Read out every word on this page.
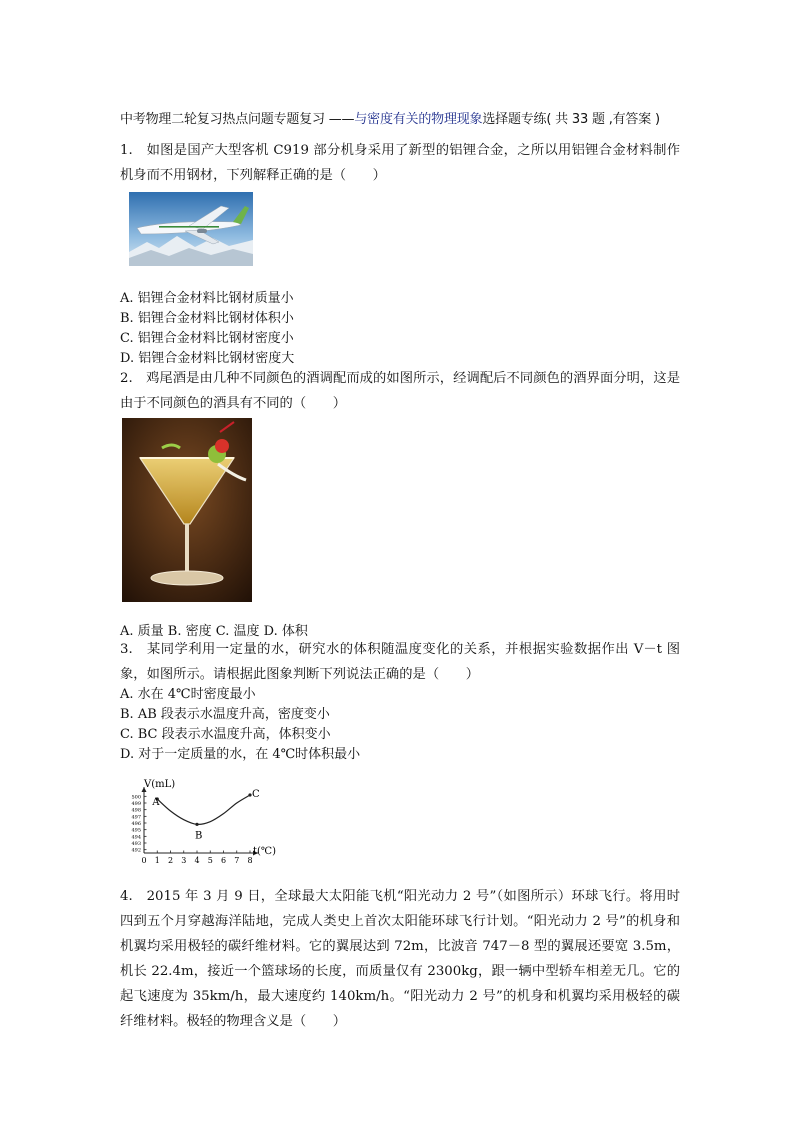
中考物理二轮复习热点问题专题复习 ——与密度有关的物理现象选择题专练( 共 33 题 ,有答案 )
1.　如图是国产大型客机 C919 部分机身采用了新型的铝锂合金，之所以用铝锂合金材料制作机身而不用钢材，下列解释正确的是（　　）
A. 铝锂合金材料比钢材质量小
B. 铝锂合金材料比钢材体积小
C. 铝锂合金材料比钢材密度小
D. 铝锂合金材料比钢材密度大
2.　鸡尾酒是由几种不同颜色的酒调配而成的如图所示，经调配后不同颜色的酒界面分明，这是由于不同颜色的酒具有不同的（　　）
A. 质量 B. 密度 C. 温度 D. 体积
3.　某同学利用一定量的水，研究水的体积随温度变化的关系，并根据实验数据作出 V－t 图象，如图所示。请根据此图象判断下列说法正确的是（　　）
A. 水在 4℃时密度最小
B. AB 段表示水温度升高，密度变小
C. BC 段表示水温度升高，体积变小
D. 对于一定质量的水，在 4℃时体积最小
0 1 2 3 4 5 6 7 8
500
499
498
497
496
495
494
493
492
A
B
C
V(mL)
t(℃)
4.　2015 年 3 月 9 日，全球最大太阳能飞机“阳光动力 2 号”（如图所示）环球飞行。将用时四到五个月穿越海洋陆地，完成人类史上首次太阳能环球飞行计划。“阳光动力 2 号”的机身和机翼均采用极轻的碳纤维材料。它的翼展达到 72m，比波音 747－8 型的翼展还要宽 3.5m，机长 22.4m，接近一个篮球场的长度，而质量仅有 2300kg，跟一辆中型轿车相差无几。它的起飞速度为 35km/h，最大速度约 140km/h。“阳光动力 2 号”的机身和机翼均采用极轻的碳纤维材料。极轻的物理含义是（　　）
